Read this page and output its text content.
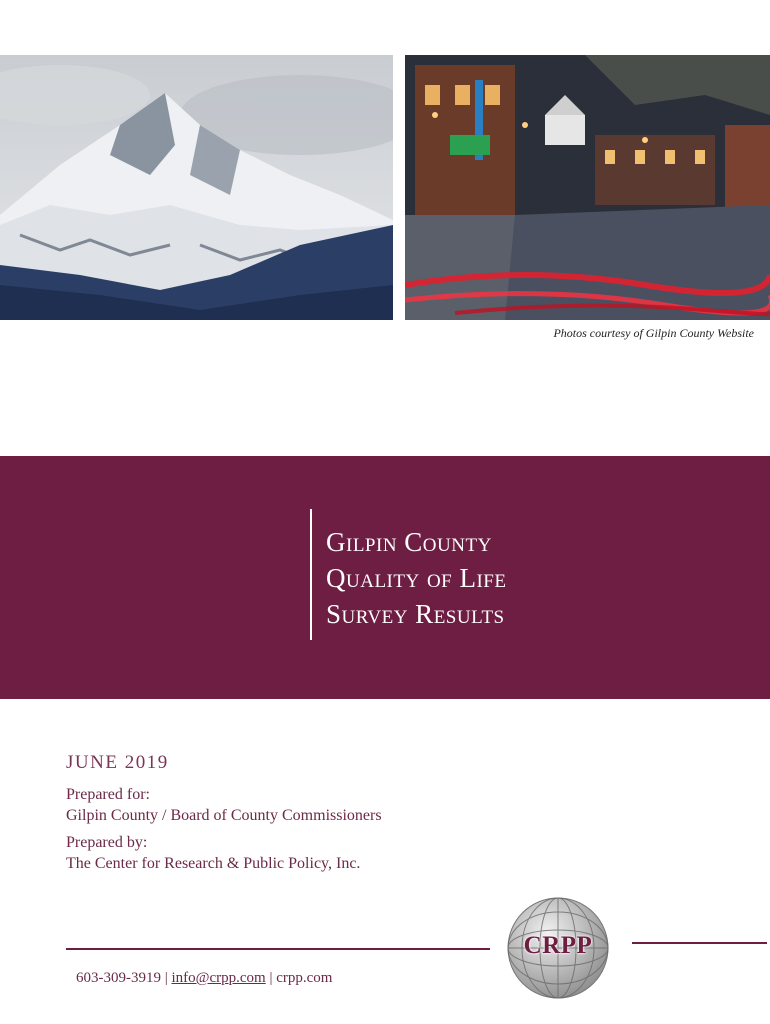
Photos courtesy of Gilpin County Website
Gilpin County
Quality of Life
Survey Results
JUNE 2019
Prepared for:
Gilpin County / Board of County Commissioners
Prepared by:
The Center for Research & Public Policy, Inc.
603-309-3919 | info@crpp.com | crpp.com
CRPP
